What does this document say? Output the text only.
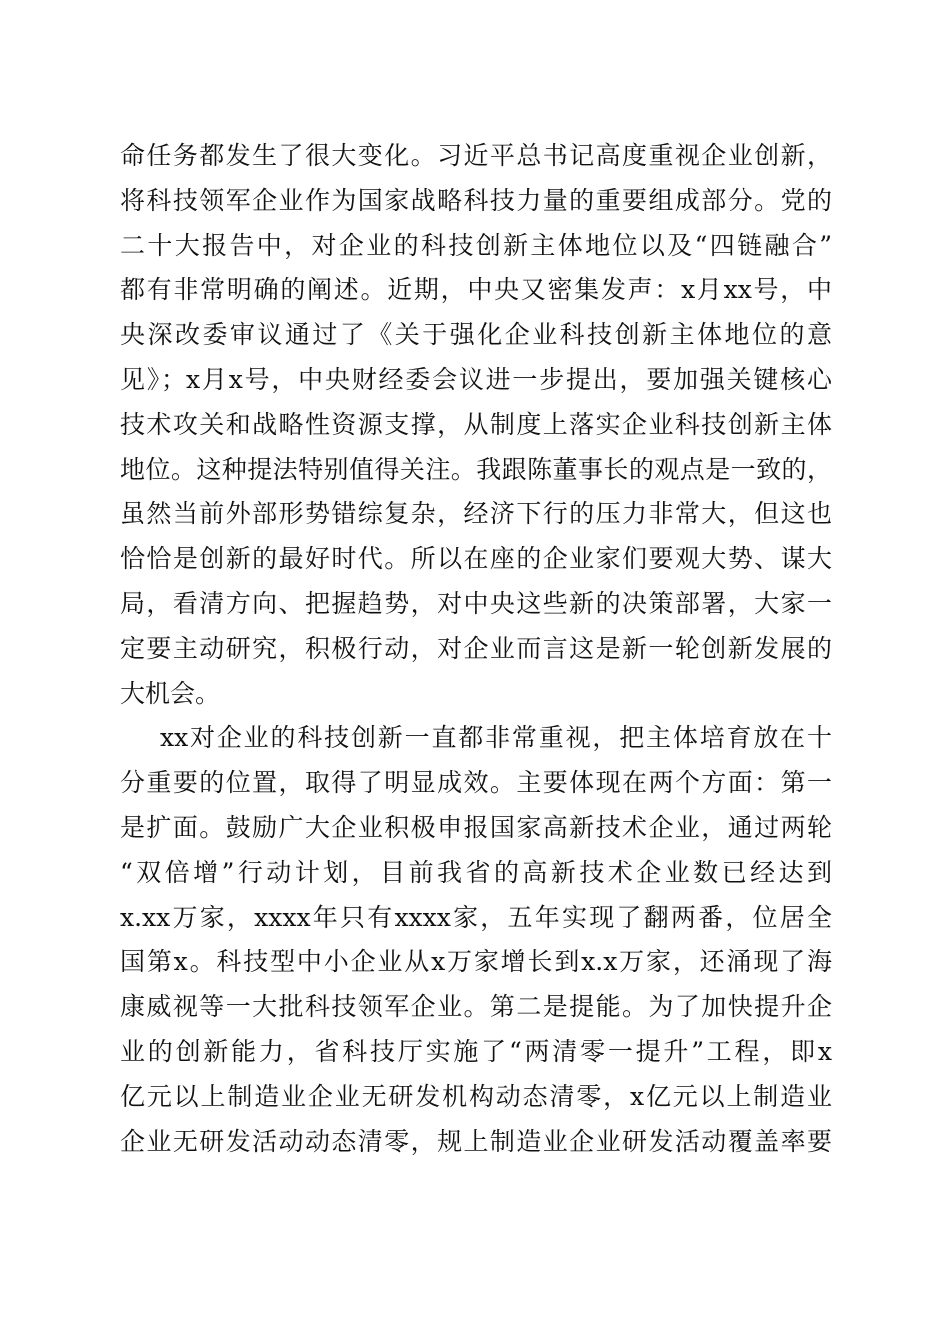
命任务都发生了很大变化。习近平总书记高度重视企业创新，
将科技领军企业作为国家战略科技力量的重要组成部分。党的
二十大报告中，对企业的科技创新主体地位以及“四链融合”
都有非常明确的阐述。近期，中央又密集发声：x月xx号，中
央深改委审议通过了《关于强化企业科技创新主体地位的意
见》；x月x号，中央财经委会议进一步提出，要加强关键核心
技术攻关和战略性资源支撑，从制度上落实企业科技创新主体
地位。这种提法特别值得关注。我跟陈董事长的观点是一致的，
虽然当前外部形势错综复杂，经济下行的压力非常大，但这也
恰恰是创新的最好时代。所以在座的企业家们要观大势、谋大
局，看清方向、把握趋势，对中央这些新的决策部署，大家一
定要主动研究，积极行动，对企业而言这是新一轮创新发展的
大机会。
xx对企业的科技创新一直都非常重视，把主体培育放在十
分重要的位置，取得了明显成效。主要体现在两个方面：第一
是扩面。鼓励广大企业积极申报国家高新技术企业，通过两轮
“双倍增”行动计划，目前我省的高新技术企业数已经达到
x.xx万家，xxxx年只有xxxx家，五年实现了翻两番，位居全
国第x。科技型中小企业从x万家增长到x.x万家，还涌现了海
康威视等一大批科技领军企业。第二是提能。为了加快提升企
业的创新能力，省科技厅实施了“两清零一提升”工程，即x
亿元以上制造业企业无研发机构动态清零，x亿元以上制造业
企业无研发活动动态清零，规上制造业企业研发活动覆盖率要
